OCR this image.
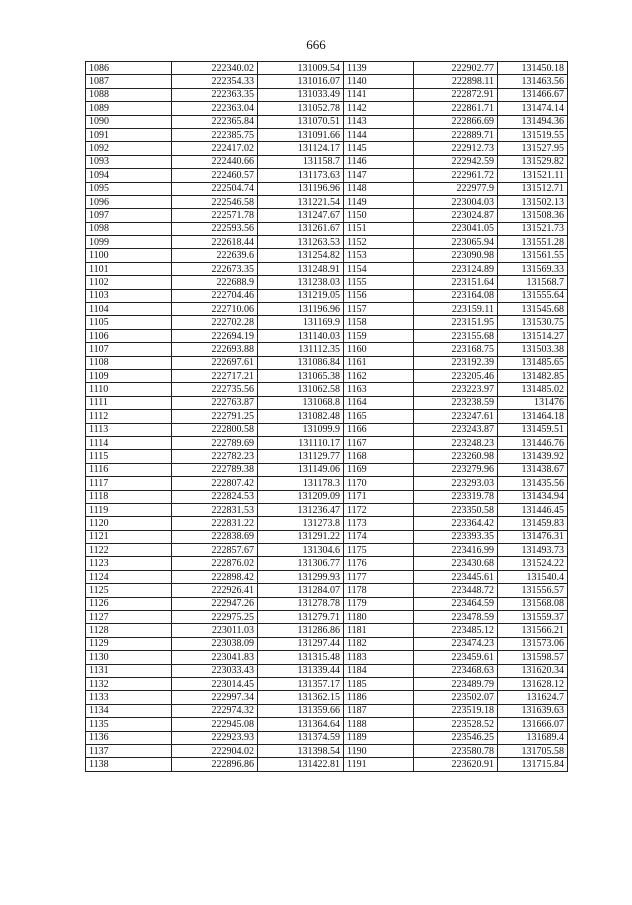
666
1086	222340.02	131009.54	1139	222902.77	131450.18
1087	222354.33	131016.07	1140	222898.11	131463.56
1088	222363.35	131033.49	1141	222872.91	131466.67
1089	222363.04	131052.78	1142	222861.71	131474.14
1090	222365.84	131070.51	1143	222866.69	131494.36
1091	222385.75	131091.66	1144	222889.71	131519.55
1092	222417.02	131124.17	1145	222912.73	131527.95
1093	222440.66	131158.7	1146	222942.59	131529.82
1094	222460.57	131173.63	1147	222961.72	131521.11
1095	222504.74	131196.96	1148	222977.9	131512.71
1096	222546.58	131221.54	1149	223004.03	131502.13
1097	222571.78	131247.67	1150	223024.87	131508.36
1098	222593.56	131261.67	1151	223041.05	131521.73
1099	222618.44	131263.53	1152	223065.94	131551.28
1100	222639.6	131254.82	1153	223090.98	131561.55
1101	222673.35	131248.91	1154	223124.89	131569.33
1102	222688.9	131238.03	1155	223151.64	131568.7
1103	222704.46	131219.05	1156	223164.08	131555.64
1104	222710.06	131196.96	1157	223159.11	131545.68
1105	222702.28	131169.9	1158	223151.95	131530.75
1106	222694.19	131140.03	1159	223155.68	131514.27
1107	222693.88	131112.35	1160	223168.75	131503.38
1108	222697.61	131086.84	1161	223192.39	131485.65
1109	222717.21	131065.38	1162	223205.46	131482.85
1110	222735.56	131062.58	1163	223223.97	131485.02
1111	222763.87	131068.8	1164	223238.59	131476
1112	222791.25	131082.48	1165	223247.61	131464.18
1113	222800.58	131099.9	1166	223243.87	131459.51
1114	222789.69	131110.17	1167	223248.23	131446.76
1115	222782.23	131129.77	1168	223260.98	131439.92
1116	222789.38	131149.06	1169	223279.96	131438.67
1117	222807.42	131178.3	1170	223293.03	131435.56
1118	222824.53	131209.09	1171	223319.78	131434.94
1119	222831.53	131236.47	1172	223350.58	131446.45
1120	222831.22	131273.8	1173	223364.42	131459.83
1121	222838.69	131291.22	1174	223393.35	131476.31
1122	222857.67	131304.6	1175	223416.99	131493.73
1123	222876.02	131306.77	1176	223430.68	131524.22
1124	222898.42	131299.93	1177	223445.61	131540.4
1125	222926.41	131284.07	1178	223448.72	131556.57
1126	222947.26	131278.78	1179	223464.59	131568.08
1127	222975.25	131279.71	1180	223478.59	131559.37
1128	223011.03	131286.86	1181	223485.12	131566.21
1129	223038.09	131297.44	1182	223474.23	131573.06
1130	223041.83	131315.48	1183	223459.61	131598.57
1131	223033.43	131339.44	1184	223468.63	131620.34
1132	223014.45	131357.17	1185	223489.79	131628.12
1133	222997.34	131362.15	1186	223502.07	131624.7
1134	222974.32	131359.66	1187	223519.18	131639.63
1135	222945.08	131364.64	1188	223528.52	131666.07
1136	222923.93	131374.59	1189	223546.25	131689.4
1137	222904.02	131398.54	1190	223580.78	131705.58
1138	222896.86	131422.81	1191	223620.91	131715.84
